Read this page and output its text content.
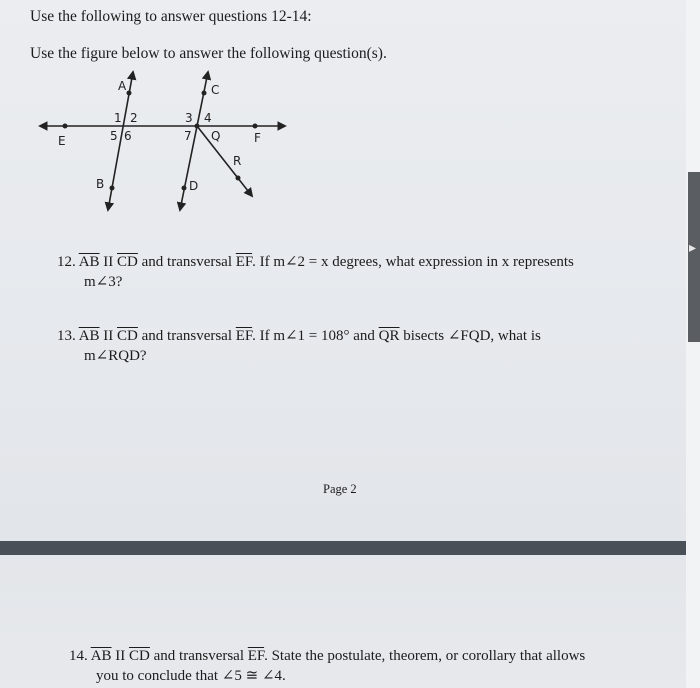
▸
Use the following to answer questions 12-14:
Use the figure below to answer the following question(s).
A
B
C
D
E	F
Q
R
1 2	3 4
5 6	7
12. $\overline{AB}$ II $\overline{CD}$ and transversal $\overline{EF}$. If m∠2 = x degrees, what expression in x represents
m∠3?
13. $\overline{AB}$ II $\overline{CD}$ and transversal $\overline{EF}$. If m∠1 = 108° and $\overline{QR}$ bisects ∠FQD, what is
m∠RQD?
Page 2
14. $\overline{AB}$ II $\overline{CD}$ and transversal $\overline{EF}$. State the postulate, theorem, or corollary that allows
you to conclude that ∠5 ≅ ∠4.
